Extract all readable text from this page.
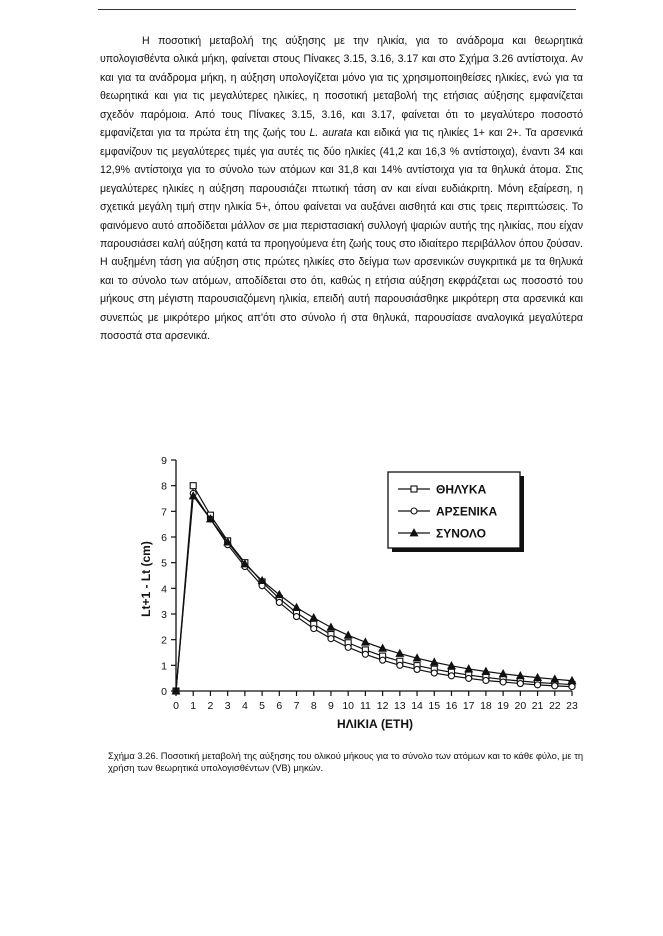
Η ποσοτική μεταβολή της αύξησης με την ηλικία, για το ανάδρομα και θεωρητικά υπολογισθέντα ολικά μήκη, φαίνεται στους Πίνακες 3.15, 3.16, 3.17 και στο Σχήμα 3.26 αντίστοιχα. Αν και για τα ανάδρομα μήκη, η αύξηση υπολογίζεται μόνο για τις χρησιμοποιηθείσες ηλικίες, ενώ για τα θεωρητικά και για τις μεγαλύτερες ηλικίες, η ποσοτική μεταβολή της ετήσιας αύξησης εμφανίζεται σχεδόν παρόμοια. Από τους Πίνακες 3.15, 3.16, και 3.17, φαίνεται ότι το μεγαλύτερο ποσοστό εμφανίζεται για τα πρώτα έτη της ζωής του L. aurata και ειδικά για τις ηλικίες 1+ και 2+. Τα αρσενικά εμφανίζουν τις μεγαλύτερες τιμές για αυτές τις δύο ηλικίες (41,2 και 16,3 % αντίστοιχα), έναντι 34 και 12,9% αντίστοιχα για το σύνολο των ατόμων και 31,8 και 14% αντίστοιχα για τα θηλυκά άτομα. Στις μεγαλύτερες ηλικίες η αύξηση παρουσιάζει πτωτική τάση αν και είναι ευδιάκριτη. Μόνη εξαίρεση, η σχετικά μεγάλη τιμή στην ηλικία 5+, όπου φαίνεται να αυξάνει αισθητά και στις τρεις περιπτώσεις. Το φαινόμενο αυτό αποδίδεται μάλλον σε μια περιστασιακή συλλογή ψαριών αυτής της ηλικίας, που είχαν παρουσιάσει καλή αύξηση κατά τα προηγούμενα έτη ζωής τους στο ιδιαίτερο περιβάλλον όπου ζούσαν. Η αυξημένη τάση για αύξηση στις πρώτες ηλικίες στο δείγμα των αρσενικών συγκριτικά με τα θηλυκά και το σύνολο των ατόμων, αποδίδεται στο ότι, καθώς η ετήσια αύξηση εκφράζεται ως ποσοστό του μήκους στη μέγιστη παρουσιαζόμενη ηλικία, επειδή αυτή παρουσιάσθηκε μικρότερη στα αρσενικά και συνεπώς με μικρότερο μήκος απ'ότι στο σύνολο ή στα θηλυκά, παρουσίασε αναλογικά μεγαλύτερα ποσοστά στα αρσενικά.

0
1
2
3
4
5
6
7
8
9
0 1 2 3 4 5 6 7 8 9 10 11 12 13 14 15 16 17 18 19 20 21 22 23
ΘΗΛΥΚΑ
ΑΡΣΕΝΙΚΑ
ΣΥΝΟΛΟ
ΗΛΙΚΙΑ (ΕΤΗ)
Lt+1 - Lt (cm)
Σχήμα 3.26. Ποσοτική μεταβολή της αύξησης του ολικού μήκους για το σύνολο των ατόμων και το κάθε φύλο, με τη χρήση των θεωρητικά υπολογισθέντων (VB) μηκών.
